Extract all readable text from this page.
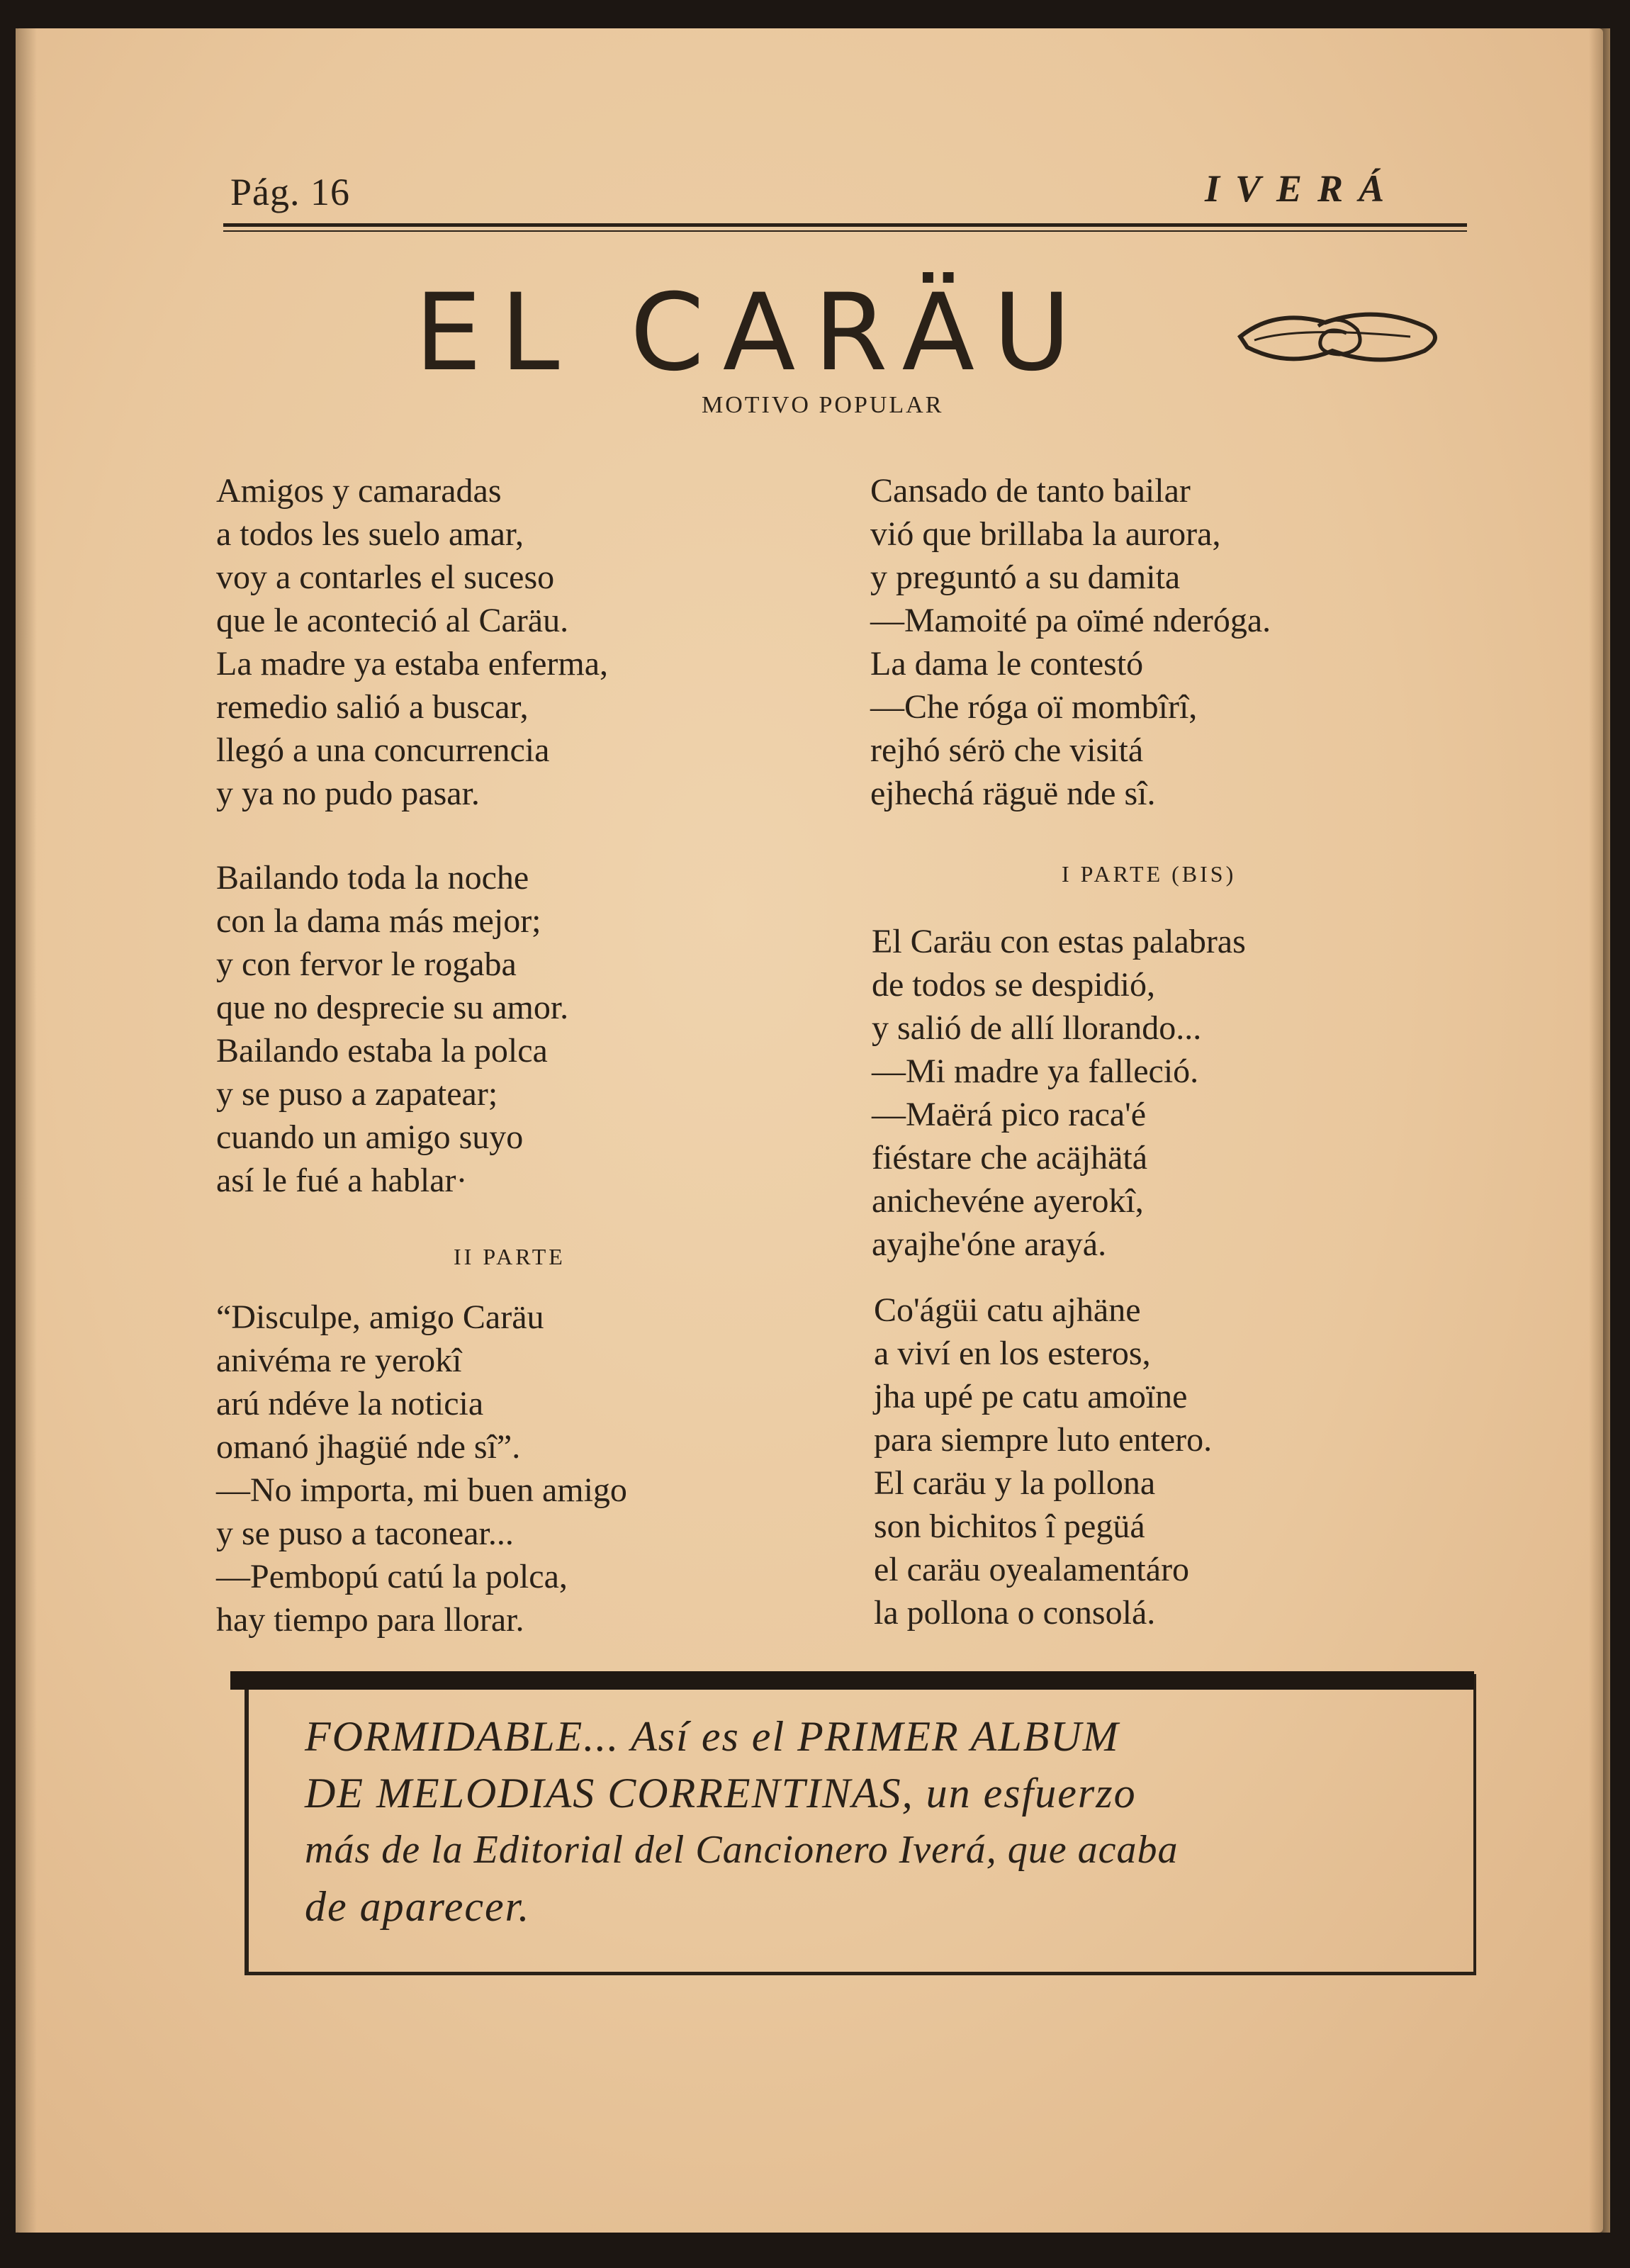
Pág. 16	IVERÁ
EL CARÄU
MOTIVO POPULAR
Amigos y camaradas
a todos les suelo amar,
voy a contarles el suceso
que le aconteció al Caräu.
La madre ya estaba enferma,
remedio salió a buscar,
llegó a una concurrencia
y ya no pudo pasar.
Bailando toda la noche
con la dama más mejor;
y con fervor le rogaba
que no desprecie su amor.
Bailando estaba la polca
y se puso a zapatear;
cuando un amigo suyo
así le fué a hablar·
II PARTE
“Disculpe, amigo Caräu
anivéma re yerokî
arú ndéve la noticia
omanó jhagüé nde sî”.
—No importa, mi buen amigo
y se puso a taconear...
—Pembopú catú la polca,
hay tiempo para llorar.
Cansado de tanto bailar
vió que brillaba la aurora,
y preguntó a su damita
—Mamoité pa oïmé nderóga.
La dama le contestó
—Che róga oï mombîrî,
rejhó sérö che visitá
ejhechá räguë nde sî.
I PARTE (BIS)
El Caräu con estas palabras
de todos se despidió,
y salió de allí llorando...
—Mi madre ya falleció.
—Maërá pico raca'é
fiéstare che acäjhätá
anichevéne ayerokî,
ayajhe'óne arayá.
Co'ágüi catu ajhäne
a viví en los esteros,
jha upé pe catu amoïne
para siempre luto entero.
El caräu y la pollona
son bichitos î pegüá
el caräu oyealamentáro
la pollona o consolá.
FORMIDABLE... Así es el PRIMER ALBUM
DE MELODIAS CORRENTINAS, un esfuerzo
más de la Editorial del Cancionero Iverá, que acaba
de aparecer.
